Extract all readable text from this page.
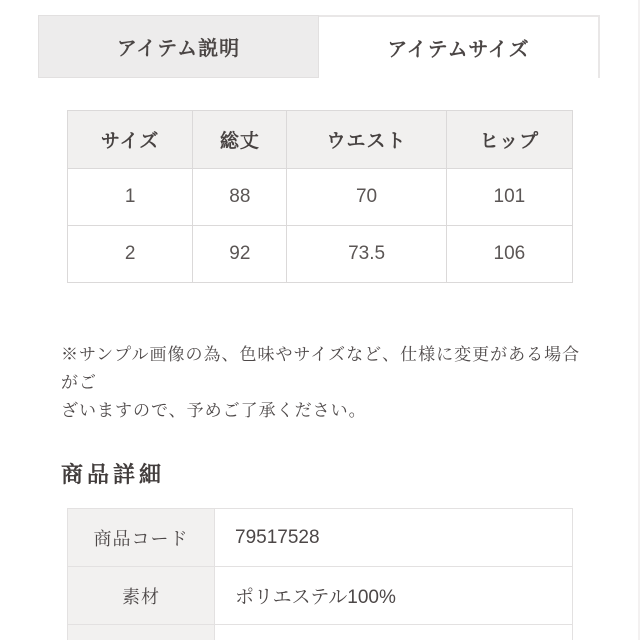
アイテム説明	アイテムサイズ
サイズ	総丈	ウエスト	ヒップ
1	88	70	101
2	92	73.5	106
※サンプル画像の為、色味やサイズなど、仕様に変更がある場合がご
ざいますので、予めご了承ください。
商品詳細
商品コード	79517528
素材	ポリエステル100%
